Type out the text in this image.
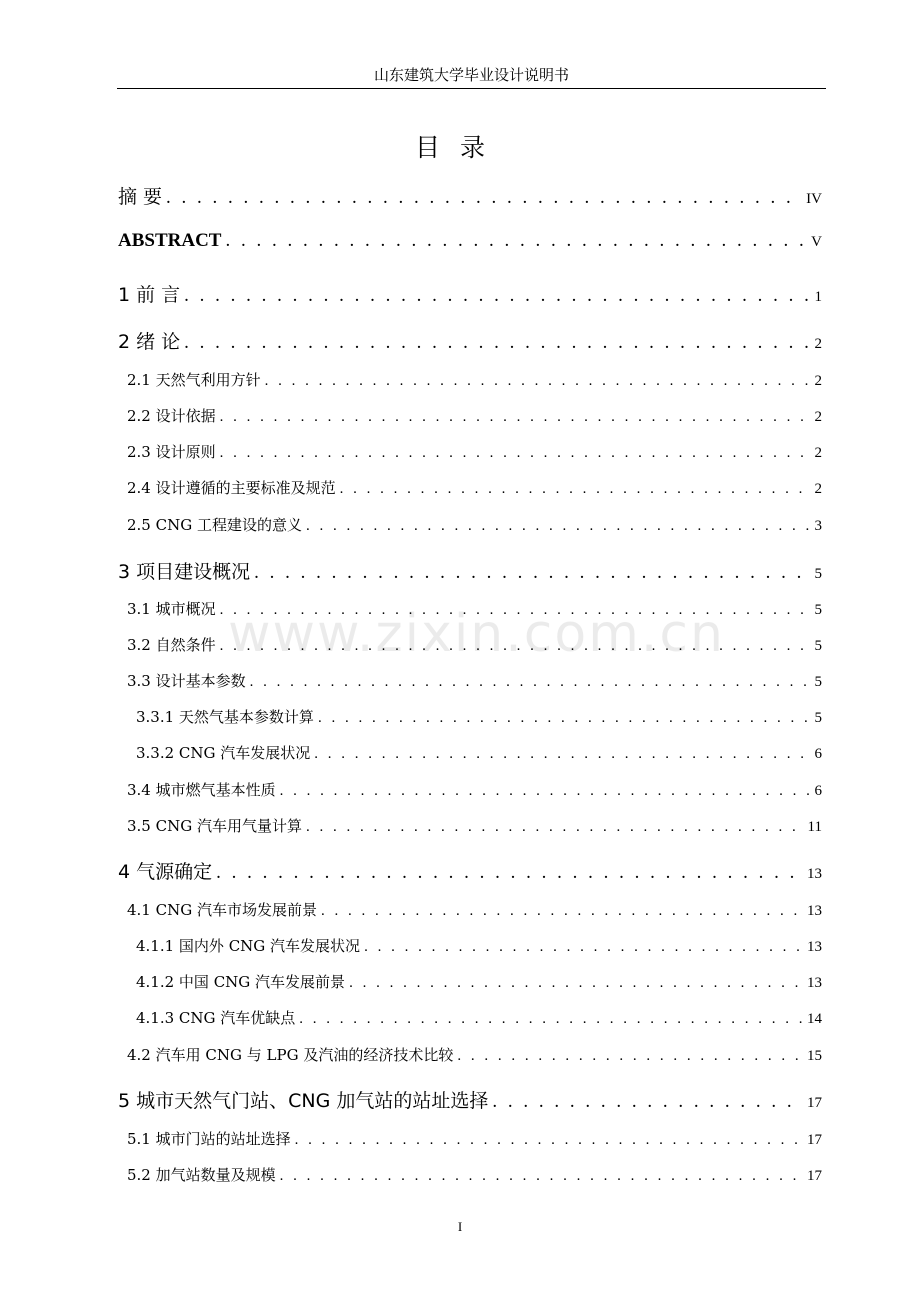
山东建筑大学毕业设计说明书
目录
www.zixin.com.cn
摘 要 . . .	IV
ABSTRACT . . .	V
1 前 言 . . .	1
2 绪 论 . . .	2
2.1 天然气利用方针 . . .	2
2.2 设计依据 . . .	2
2.3 设计原则 . . .	2
2.4 设计遵循的主要标准及规范 . . .	2
2.5 CNG 工程建设的意义 . . .	3
3 项目建设概况 . . .	5
3.1 城市概况 . . .	5
3.2 自然条件 . . .	5
3.3 设计基本参数 . . .	5
3.3.1 天然气基本参数计算 . . .	5
3.3.2 CNG 汽车发展状况 . . .	6
3.4 城市燃气基本性质 . . .	6
3.5 CNG 汽车用气量计算 . . .	11
4 气源确定 . . .	13
4.1 CNG 汽车市场发展前景 . . .	13
4.1.1 国内外 CNG 汽车发展状况 . . .	13
4.1.2 中国 CNG 汽车发展前景 . . .	13
4.1.3 CNG 汽车优缺点 . . .	14
4.2 汽车用 CNG 与 LPG 及汽油的经济技术比较 . . .	15
5 城市天然气门站、CNG 加气站的站址选择 . . .	17
5.1 城市门站的站址选择 . . .	17
5.2 加气站数量及规模 . . .	17
I
